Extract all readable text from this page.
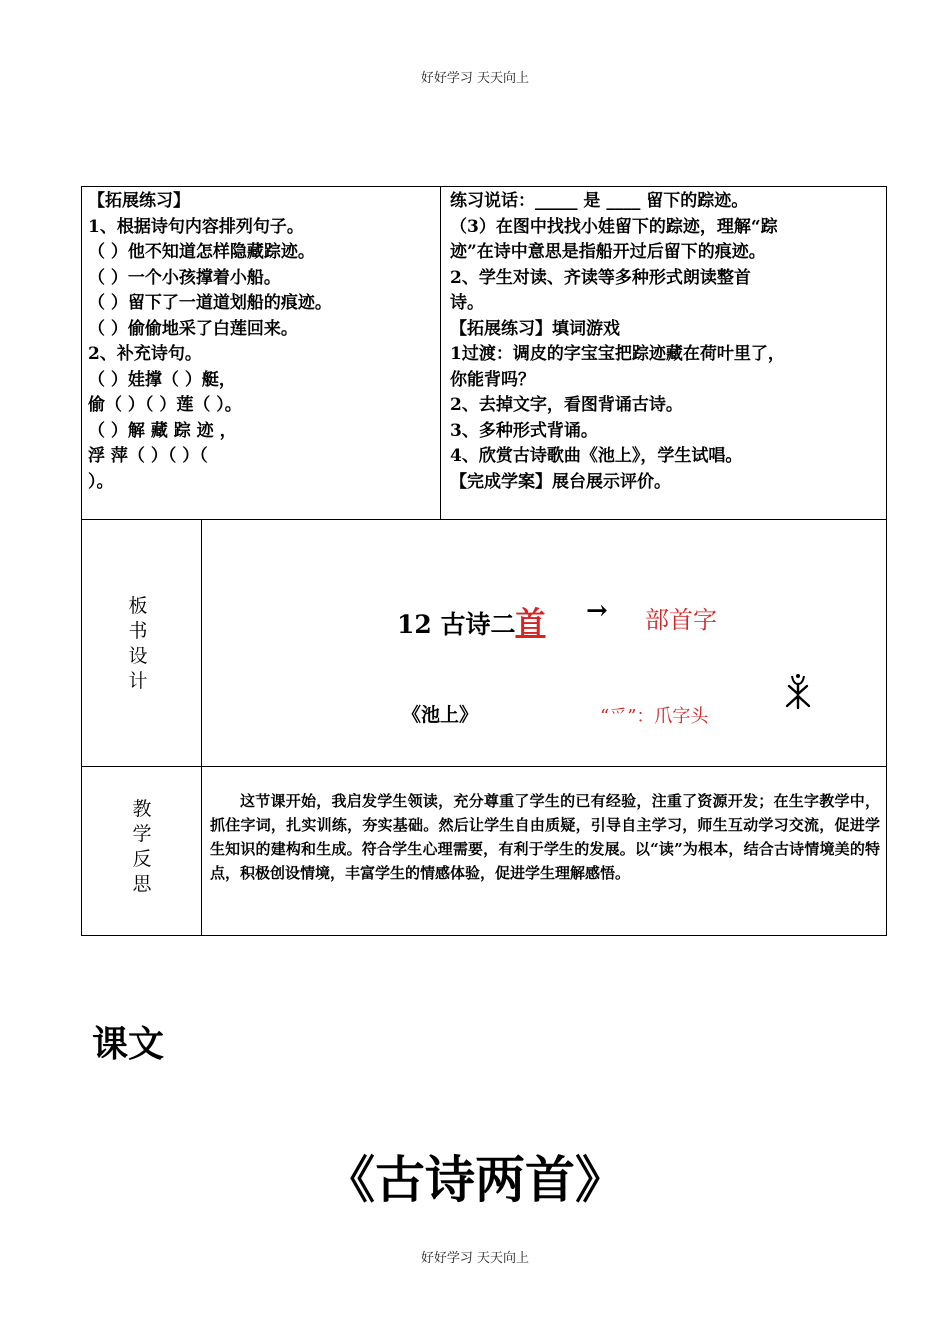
好好学习 天天向上
【拓展练习】
1、根据诗句内容排列句子。
（ ）他不知道怎样隐藏踪迹。
（ ）一个小孩撑着小船。
（ ）留下了一道道划船的痕迹。
（ ）偷偷地采了白莲回来。
2、补充诗句。
（ ）娃撑（ ）艇，
偷（ ）（ ）莲（ ）。
（ ）解 藏 踪 迹 ，
浮 萍（ ）（ ）（
）。
练习说话：_____ 是 ____ 留下的踪迹。
（3）在图中找找小娃留下的踪迹，理解“踪
迹”在诗中意思是指船开过后留下的痕迹。
2、学生对读、齐读等多种形式朗读整首
诗。
【拓展练习】填词游戏
1过渡：调皮的字宝宝把踪迹藏在荷叶里了，
你能背吗？
2、去掉文字，看图背诵古诗。
3、多种形式背诵。
4、欣赏古诗歌曲《池上》，学生试唱。
【完成学案】展台展示评价。
板
书
设
计
12 古诗二首 → 部首字
《池上》	“爫”：爪字头
教
学
反
思
这节课开始，我启发学生领读，充分尊重了学生的已有经验，注重了资源开发；在生字教学中，抓住字词，扎实训练，夯实基础。然后让学生自由质疑，引导自主学习，师生互动学习交流，促进学生知识的建构和生成。符合学生心理需要，有利于学生的发展。以“读”为根本，结合古诗情境美的特点，积极创设情境，丰富学生的情感体验，促进学生理解感悟。
课文
《古诗两首》
好好学习 天天向上
